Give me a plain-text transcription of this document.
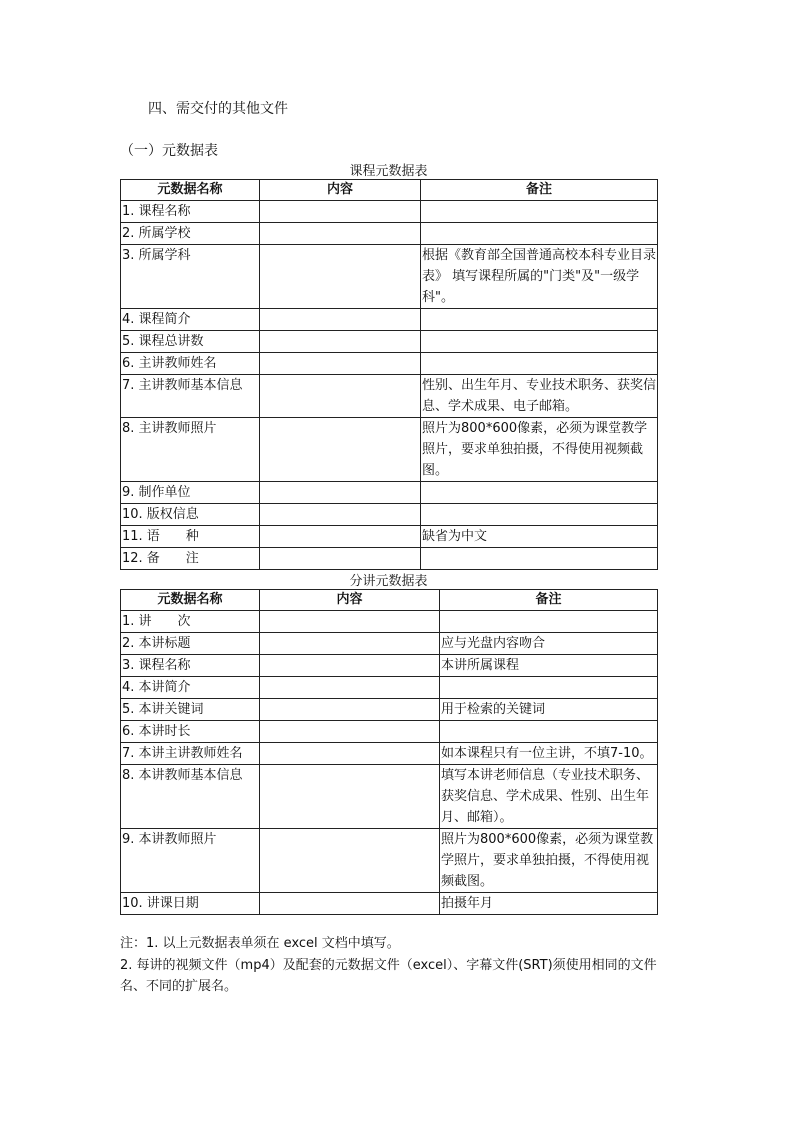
四、需交付的其他文件
（一）元数据表
课程元数据表
元数据名称	内容	备注
1. 课程名称		
2. 所属学校		
3. 所属学科		根据《教育部全国普通高校本科专业目录表》 填写课程所属的"门类"及"一级学科"。
4. 课程简介		
5. 课程总讲数		
6. 主讲教师姓名		
7. 主讲教师基本信息		性别、出生年月、专业技术职务、获奖信息、学术成果、电子邮箱。
8. 主讲教师照片		照片为800*600像素，必须为课堂教学照片，要求单独拍摄，不得使用视频截图。
9. 制作单位		
10. 版权信息		
11. 语　　种		缺省为中文
12. 备　　注		
分讲元数据表
元数据名称	内容	备注
1. 讲　　次		
2. 本讲标题		应与光盘内容吻合
3. 课程名称		本讲所属课程
4. 本讲简介		
5. 本讲关键词		用于检索的关键词
6. 本讲时长		
7. 本讲主讲教师姓名		如本课程只有一位主讲，不填7-10。
8. 本讲教师基本信息		填写本讲老师信息（专业技术职务、获奖信息、学术成果、性别、出生年月、邮箱）。
9. 本讲教师照片		照片为800*600像素，必须为课堂教学照片，要求单独拍摄，不得使用视频截图。
10. 讲课日期		拍摄年月
注：1. 以上元数据表单须在 excel 文档中填写。
2. 每讲的视频文件（mp4）及配套的元数据文件（excel）、字幕文件(SRT)须使用相同的文件名、不同的扩展名。
